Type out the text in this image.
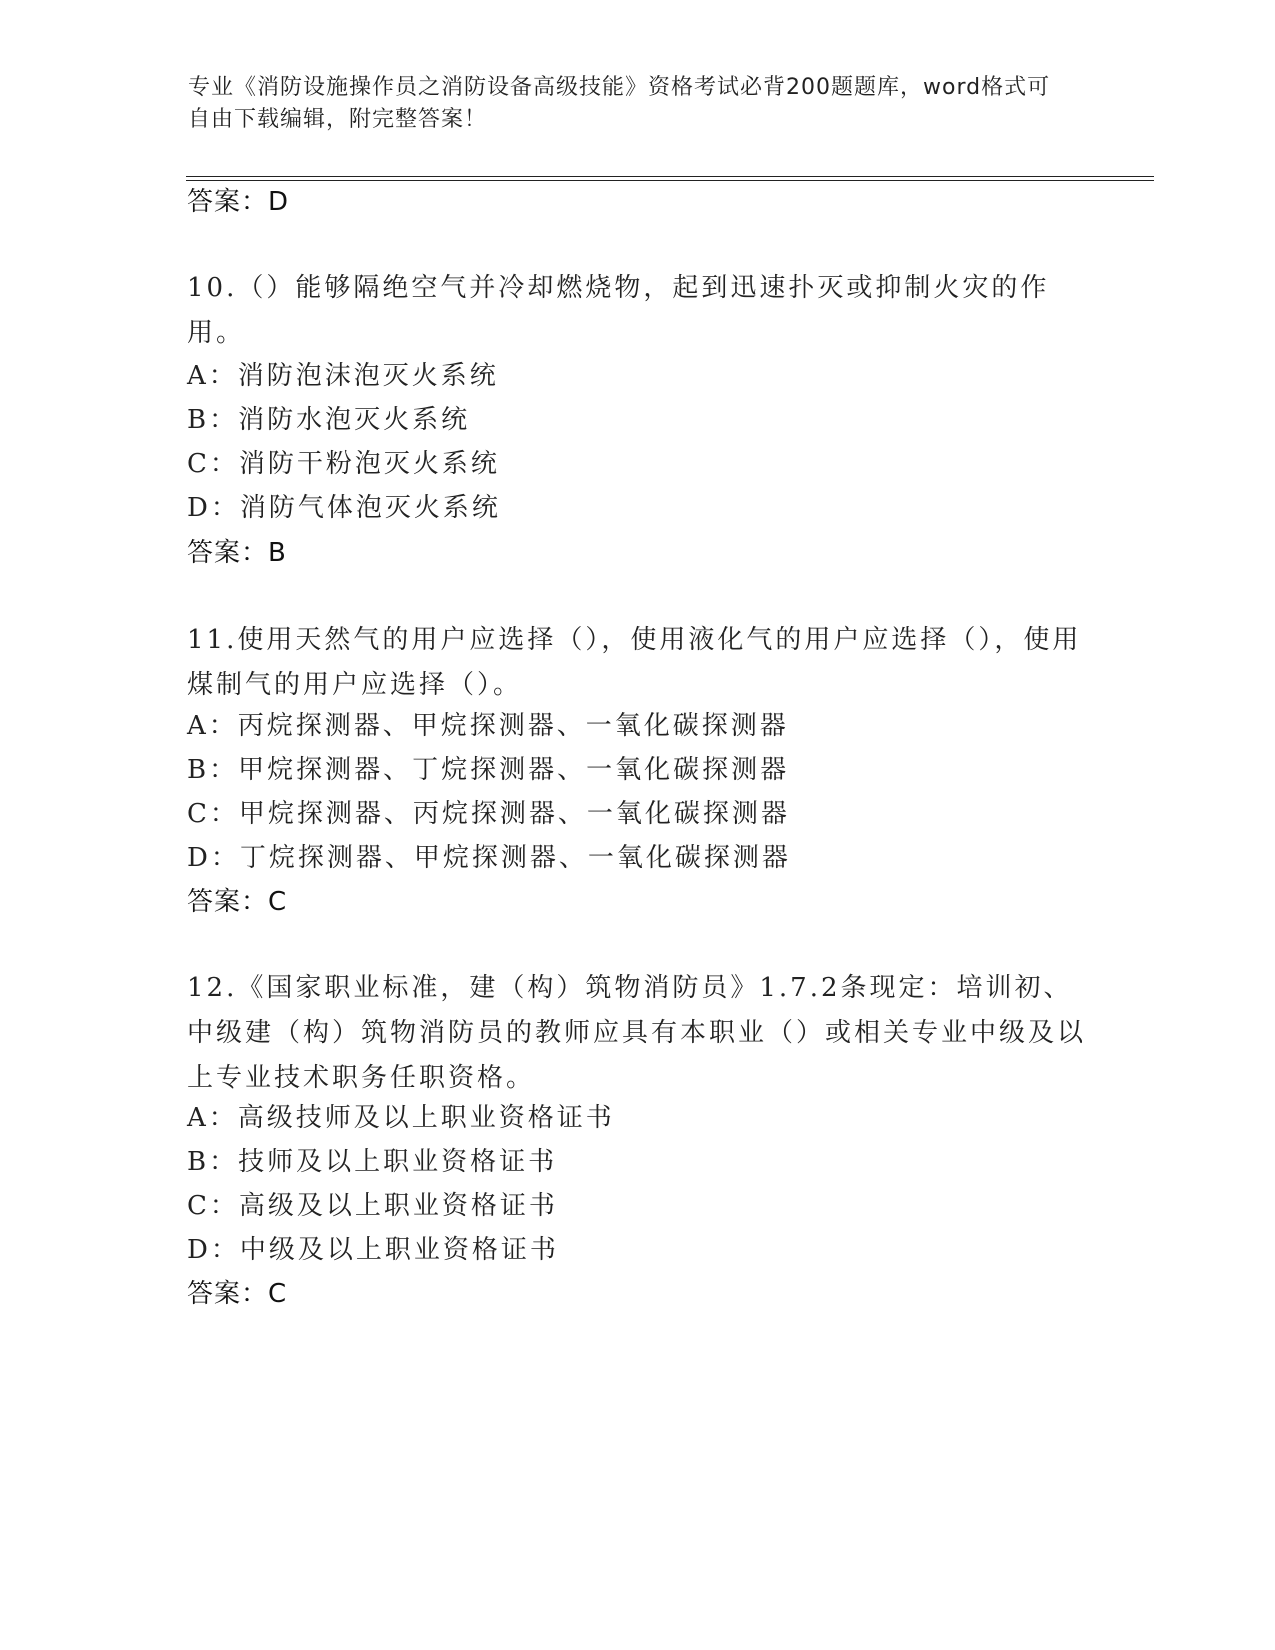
专业《消防设施操作员之消防设备高级技能》资格考试必背200题题库，word格式可自由下载编辑，附完整答案！
答案：D
10.（）能够隔绝空气并冷却燃烧物，起到迅速扑灭或抑制火灾的作用。
A：消防泡沫泡灭火系统
B：消防水泡灭火系统
C：消防干粉泡灭火系统
D：消防气体泡灭火系统
答案：B
11.使用天然气的用户应选择（），使用液化气的用户应选择（），使用煤制气的用户应选择（）。
A：丙烷探测器、甲烷探测器、一氧化碳探测器
B：甲烷探测器、丁烷探测器、一氧化碳探测器
C：甲烷探测器、丙烷探测器、一氧化碳探测器
D：丁烷探测器、甲烷探测器、一氧化碳探测器
答案：C
12.《国家职业标准，建（构）筑物消防员》1.7.2条现定：培训初、中级建（构）筑物消防员的教师应具有本职业（）或相关专业中级及以上专业技术职务任职资格。
A：高级技师及以上职业资格证书
B：技师及以上职业资格证书
C：高级及以上职业资格证书
D：中级及以上职业资格证书
答案：C
